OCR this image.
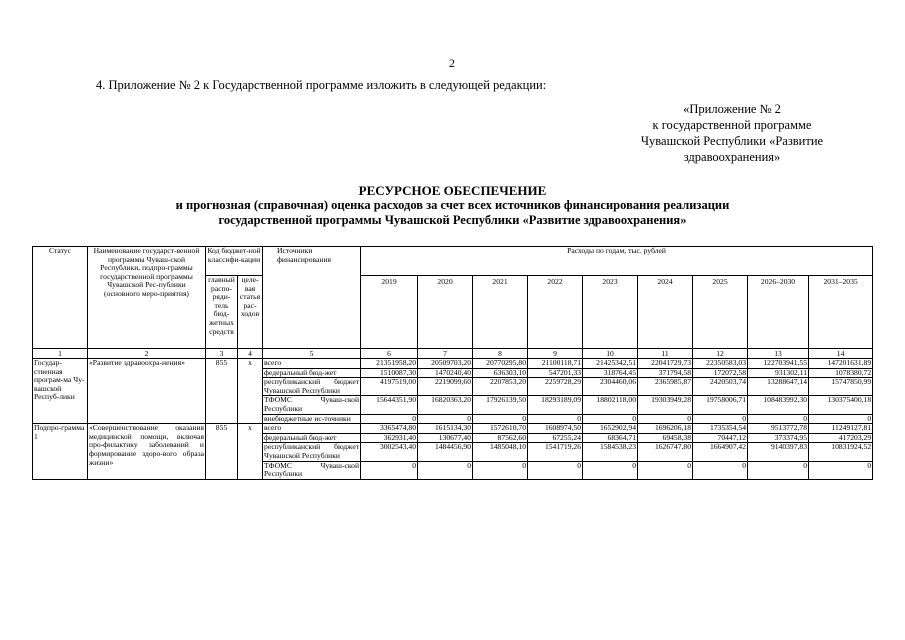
2
4. Приложение № 2 к Государственной программе изложить в следующей редакции:
«Приложение № 2
к государственной программе
Чувашской Республики «Развитие
здравоохранения»
РЕСУРСНОЕ ОБЕСПЕЧЕНИЕ
и прогнозная (справочная) оценка расходов за счет всех источников финансирования реализации
государственной программы Чувашской Республики «Развитие здравоохранения»
Статус	Наименование государст-венной программы Чуваш-ской Республики, подпро-граммы государственной программы Чувашской Рес-публики (основного меро-приятия)	Код бюджет-ной классифи-кации		Источники финансирования	Расходы по годам, тыс. рублей								
		главный распо-ряди-тель бюд-жетных средств	целе-вая статья рас-ходов		2019	2020	2021	2022	2023	2024	2025	2026–2030	2031–2035

1	2	3	4	5	6	7	8	9	10	11	12	13	14
Государ-ственная програм-ма Чу-вашской Респуб-лики	«Развитие здравоохра-нения»	855	х	всего	21351958,20	20509703,20	20770295,80	21100118,71	21425342,51	22041729,73	22350583,03	122703941,55	147201631,89
				федеральный бюд-жет	1510087,30	1470240,40	636303,10	547201,33	318764,45	371794,58	172072,58	931302,11	1078380,72
				республиканский бюджет Чувашской Республики	4197519,00	2219099,60	2207853,20	2259728,29	2304460,06	2365985,87	2420503,74	13288647,14	15747850,99
				ТФОМС Чуваш-ской Республики	15644351,90	16820363,20	17926139,50	18293189,09	18802118,00	19303949,28	19758006,71	108483992,30	130375400,18
				внебюджетные ис-точники	0	0	0	0	0	0	0	0	0
Подпро-грамма 1	«Совершенствование оказания медицинской помощи, включая про-филактику заболеваний и формирование здоро-вого образа жизни»	855	х	всего	3365474,80	1615134,30	1572610,70	1608974,50	1652902,94	1696206,18	1735354,54	9513772,78	11249127,81
				федеральный бюд-жет	362931,40	130677,40	87562,60	67255,24	68364,71	69458,38	70447,12	373374,95	417203,29
				республиканский бюджет Чувашской Республики	3002543,40	1484456,90	1485048,10	1541719,26	1584538,23	1626747,80	1664907,42	9140397,83	10831924,52
				ТФОМС Чуваш-ской Республики	0	0	0	0	0	0	0	0	0
